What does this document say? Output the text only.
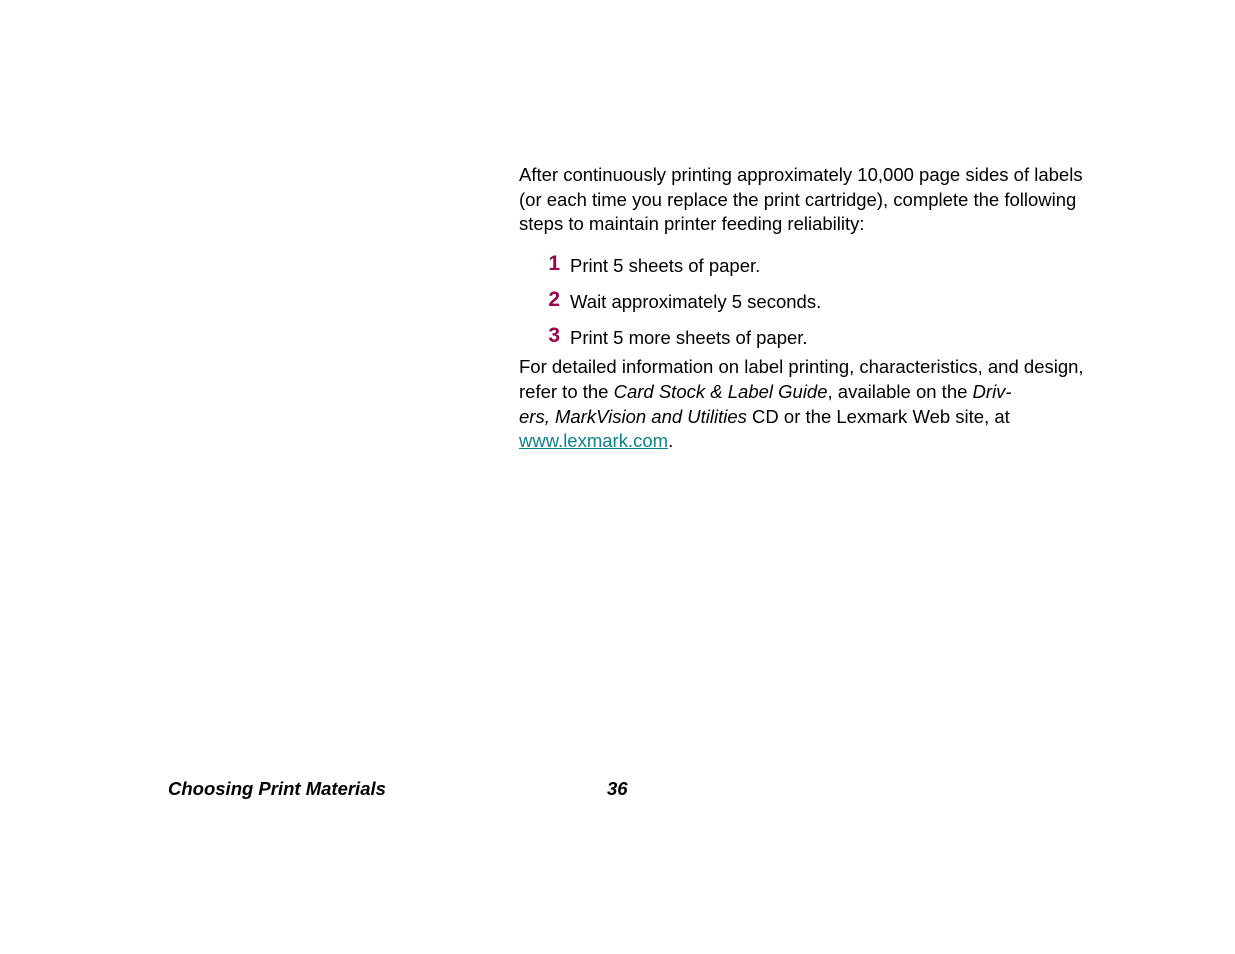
After continuously printing approximately 10,000 page sides of labels (or each time you replace the print cartridge), complete the following steps to maintain printer feeding reliability:

1 Print 5 sheets of paper.
2 Wait approximately 5 seconds.
3 Print 5 more sheets of paper.

For detailed information on label printing, characteristics, and design, refer to the Card Stock & Label Guide, available on the Driv-
ers, MarkVision and Utilities CD or the Lexmark Web site, at
www.lexmark.com.

Choosing Print Materials	36
